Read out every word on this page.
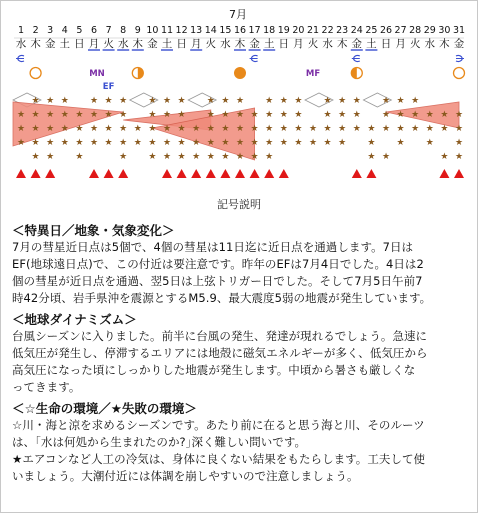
7月
1 2 3 4 5 6 7 8 9 10 11 12 13 14 15 16 17 18 19 20 21 22 23 24 25 26 27 28 29 30 31
水 木 金 土 日 月 火 水 木 金 土 日 月 火 水 木 金 土 日 月 火 水 木 金 土 日 月 火 水 木 金
MN
EF
MF
★ ★ ★ ★ ★ ★ ★ ★ ★ ★ ★ ★ ★ ★ ★ ★ ★ ★ ★ ★ ★
★ ★ ★ ★ ★ ★ ★ ★ ★ ★ ★ ★ ★ ★ ★ ★ ★ ★ ★ ★ ★ ★ ★ ★ ★ ★ ★
★ ★ ★ ★ ★ ★ ★ ★ ★ ★ ★ ★ ★ ★ ★ ★ ★ ★ ★ ★ ★ ★ ★ ★ ★ ★ ★ ★ ★ ★ ★
★ ★ ★ ★ ★ ★ ★ ★ ★ ★ ★ ★ ★ ★ ★ ★ ★ ★ ★ ★ ★ ★ ★ ★ ★ ★ ★
★ ★ ★	★ ★ ★ ★ ★ ★ ★ ★ ★ ★	★ ★	★ ★
記号説明
＜特異日／地象・気象変化＞

7月の彗星近日点は5個で、4個の彗星は11日迄に近日点を通過します。7日は
EF(地球遠日点)で、この付近は要注意です。昨年のEFは7月4日でした。4日は2
個の彗星が近日点を通過、翌5日は上弦トリガー日でした。そして7月5日午前7
時42分頃、岩手県沖を震源とするM5.9、最大震度5弱の地震が発生しています。

＜地球ダイナミズム＞

台風シーズンに入りました。前半に台風の発生、発達が現れるでしょう。急速に
低気圧が発生し、停滞するエリアには地殻に磁気エネルギーが多く、低気圧から
高気圧になった頃にしっかりした地震が発生します。中頃から暑さも厳しくな
ってきます。

＜☆生命の環境／★失敗の環境＞

☆川・海と涼を求めるシーズンです。あたり前に在ると思う海と川、そのルーツ
は、｢水は何処から生まれたのか?｣深く難しい問いです。
★エアコンなど人工の冷気は、身体に良くない結果をもたらします。工夫して使
いましょう。大潮付近には体調を崩しやすいので注意しましょう。
